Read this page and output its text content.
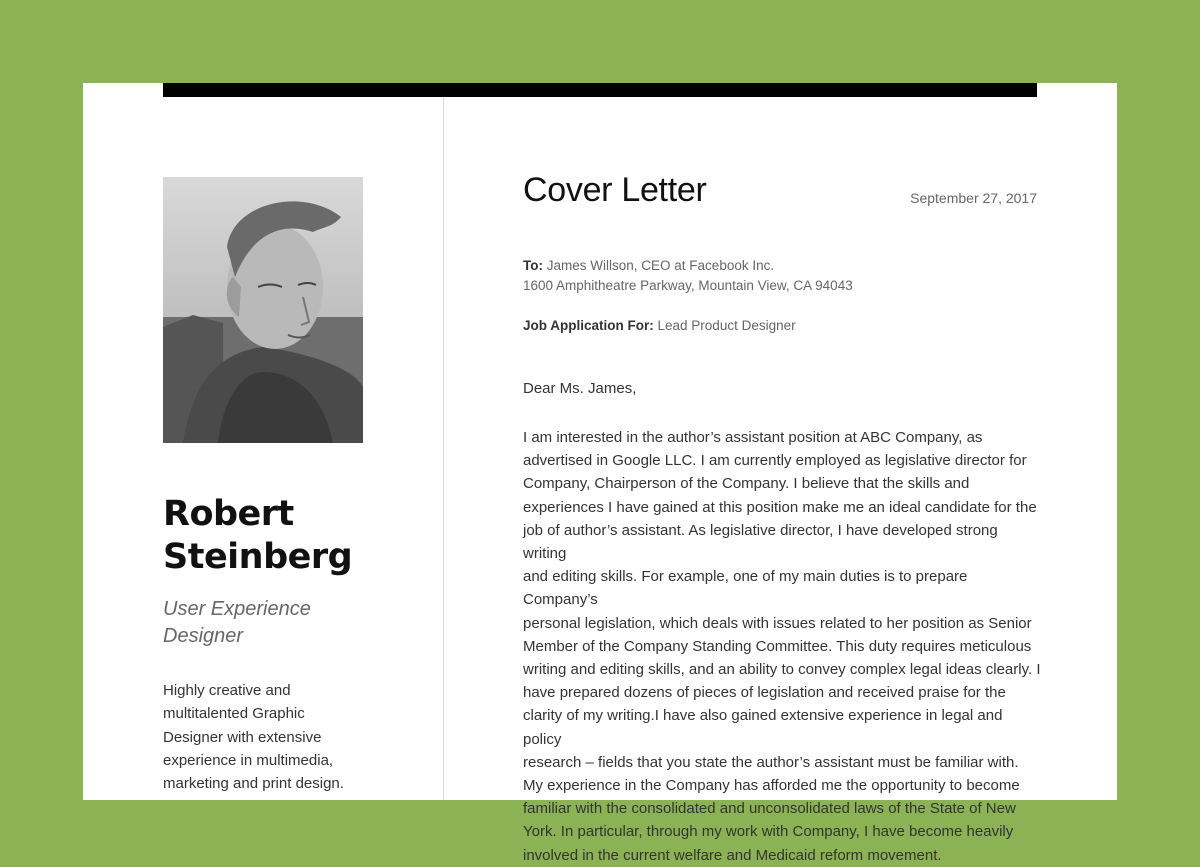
Robert
Steinberg
User Experience
Designer
Highly creative and
multitalented Graphic
Designer with extensive
experience in multimedia,
marketing and print design.
Cover Letter	September 27, 2017
To: James Willson, CEO at Facebook Inc.
1600 Amphitheatre Parkway, Mountain View, CA 94043
Job Application For: Lead Product Designer
Dear Ms. James,
I am interested in the author’s assistant position at ABC Company, as
advertised in Google LLC. I am currently employed as legislative director for
Company, Chairperson of the Company. I believe that the skills and
experiences I have gained at this position make me an ideal candidate for the
job of author’s assistant. As legislative director, I have developed strong writing
and editing skills. For example, one of my main duties is to prepare Company’s
personal legislation, which deals with issues related to her position as Senior
Member of the Company Standing Committee. This duty requires meticulous
writing and editing skills, and an ability to convey complex legal ideas clearly. I
have prepared dozens of pieces of legislation and received praise for the
clarity of my writing.I have also gained extensive experience in legal and policy
research – fields that you state the author’s assistant must be familiar with.
My experience in the Company has afforded me the opportunity to become
familiar with the consolidated and unconsolidated laws of the State of New
York. In particular, through my work with Company, I have become heavily
involved in the current welfare and Medicaid reform movement.
